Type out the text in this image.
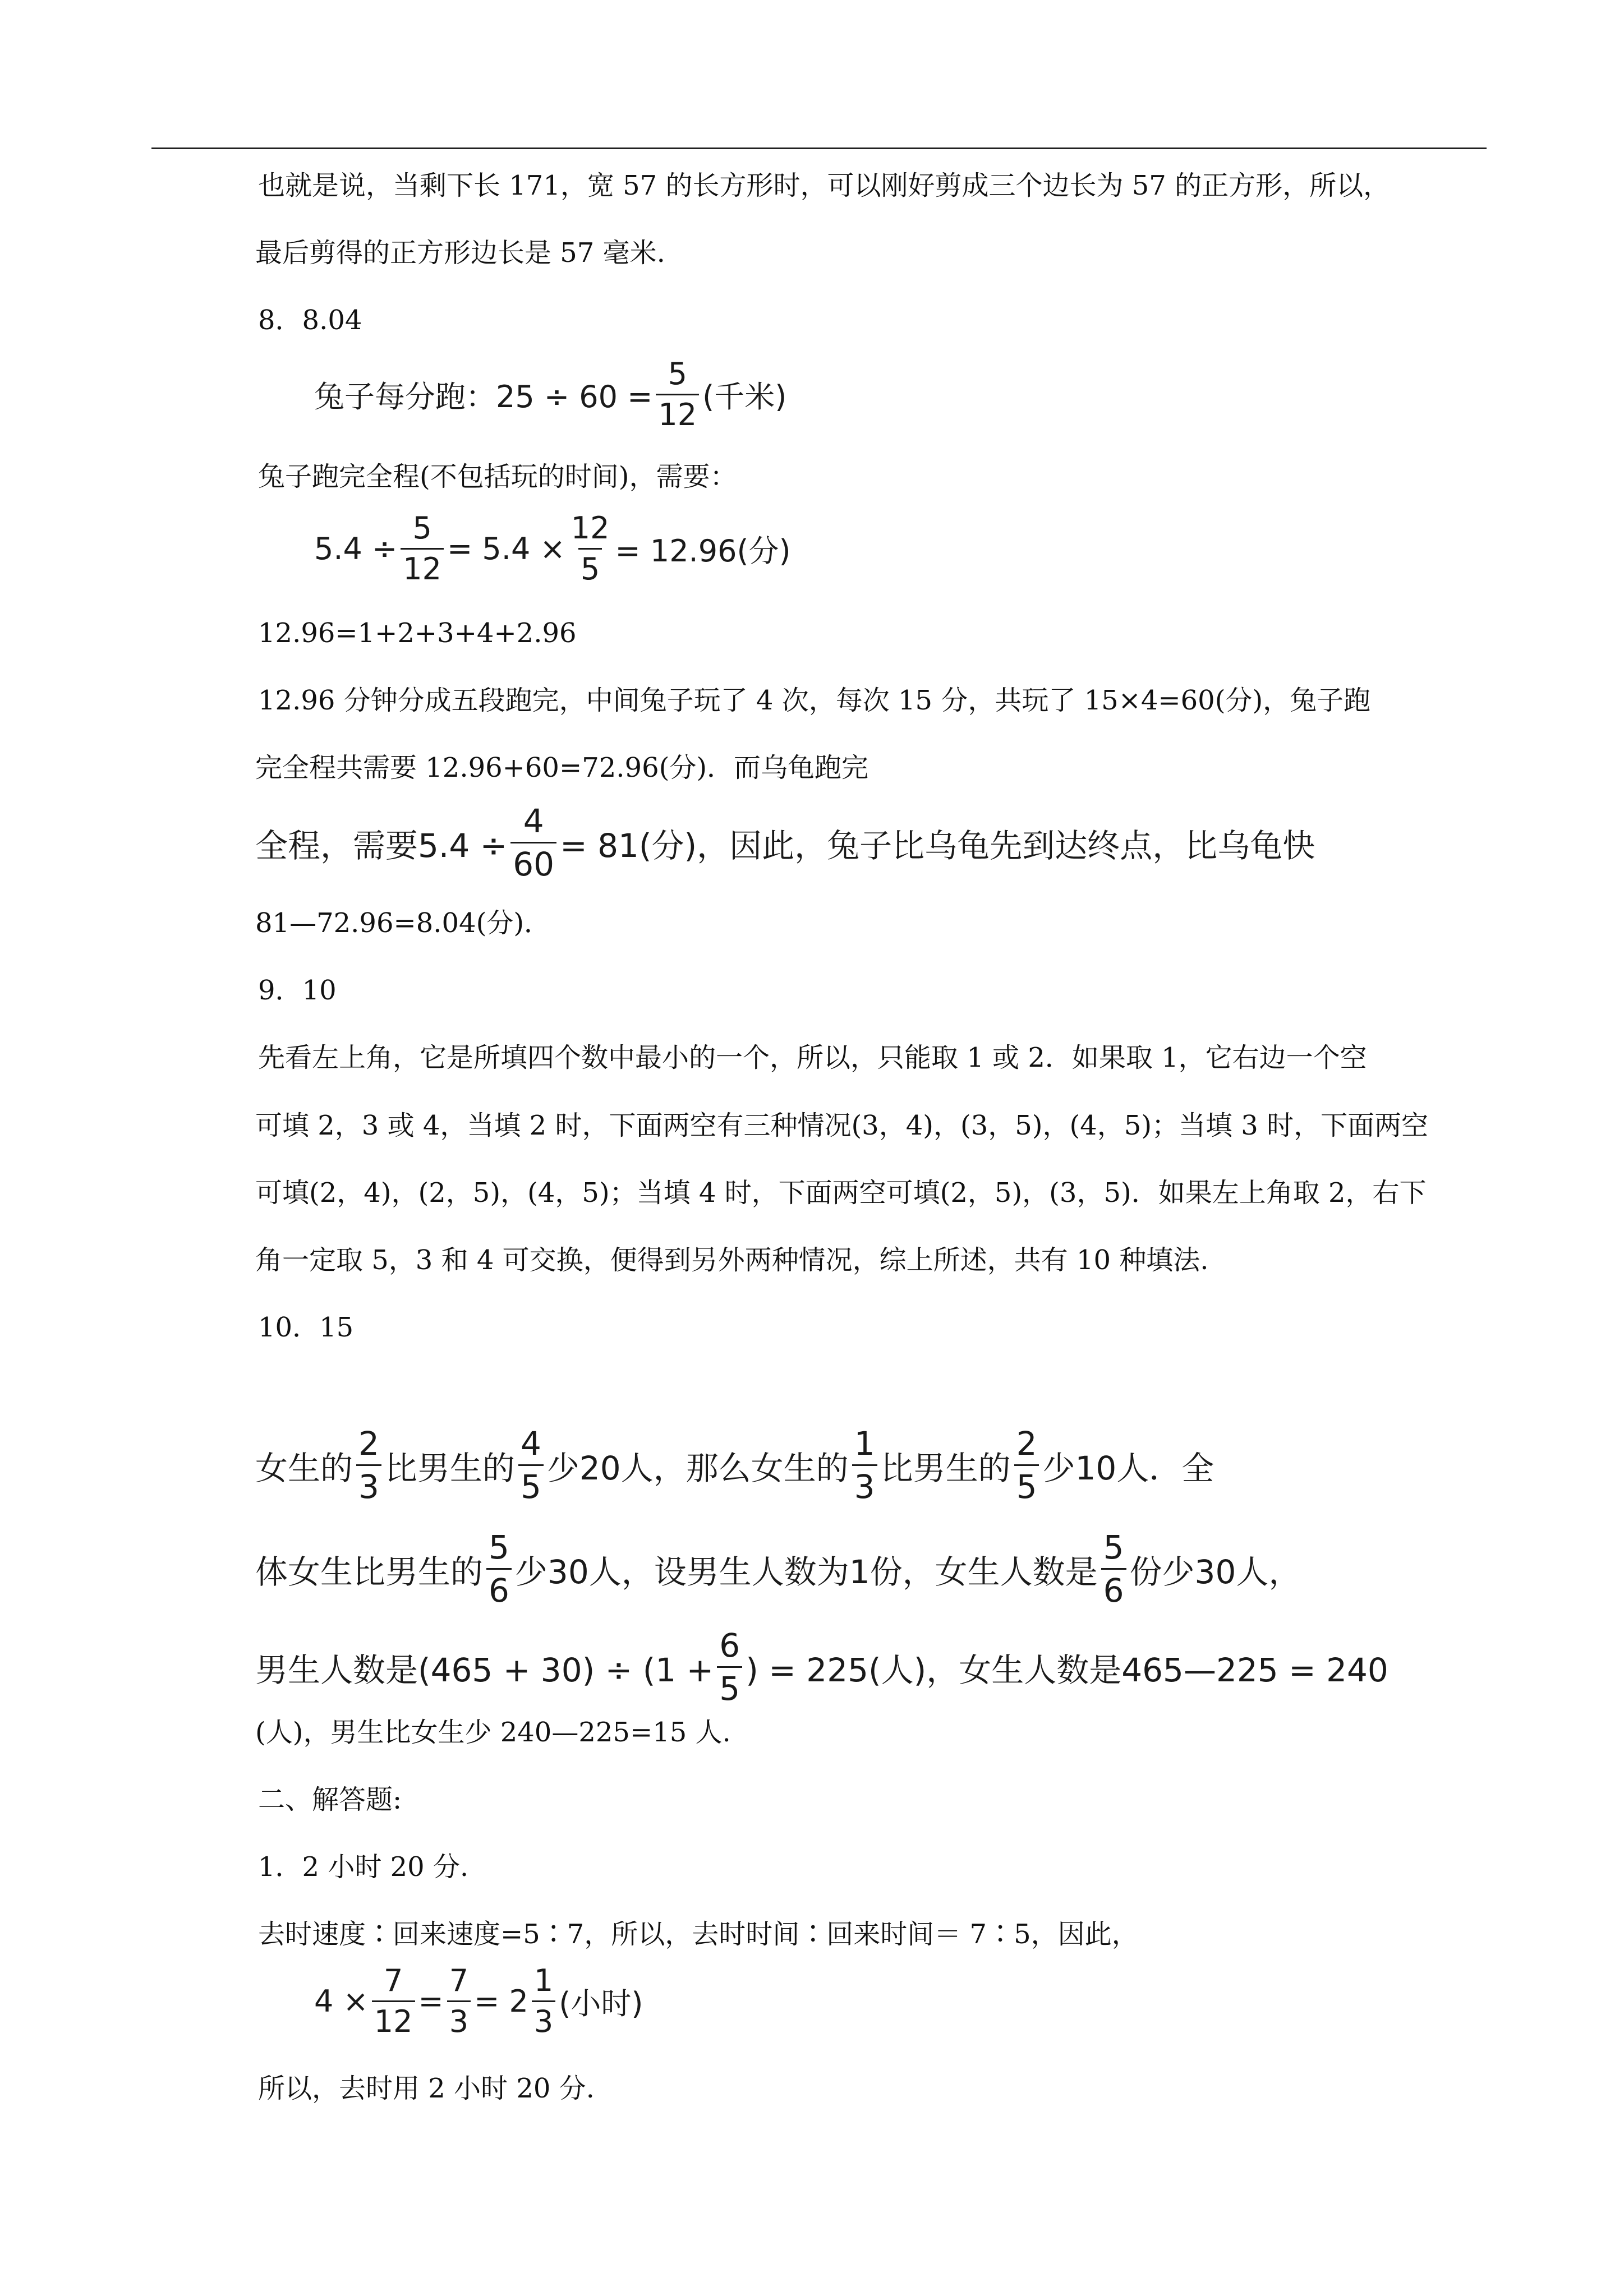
也就是说，当剩下长 171，宽 57 的长方形时，可以刚好剪成三个边长为 57 的正方形，所以，
最后剪得的正方形边长是 57 毫米.
8．8.04
兔子每分跑：$25 \div 60 = \frac{5}{12}$ (千米)
兔子跑完全程(不包括玩的时间)，需要：
$5.4 \div \frac{5}{12} = 5.4 \times \frac{12}{5} = 12.96$(分)
12.96=1+2+3+4+2.96
12.96 分钟分成五段跑完，中间兔子玩了 4 次，每次 15 分，共玩了 15×4=60(分)，兔子跑
完全程共需要 12.96+60=72.96(分)．而乌龟跑完
全程，需要$5.4 \div \frac{4}{60} = 81$(分)，因此，兔子比乌龟先到达终点，比乌龟快
81—72.96=8.04(分)．
9．10
先看左上角，它是所填四个数中最小的一个，所以，只能取 1 或 2．如果取 1，它右边一个空
可填 2，3 或 4，当填 2 时，下面两空有三种情况(3，4)，(3，5)，(4，5)；当填 3 时，下面两空
可填(2，4)，(2，5)，(4，5)；当填 4 时，下面两空可填(2，5)，(3，5)．如果左上角取 2，右下
角一定取 5，3 和 4 可交换，便得到另外两种情况，综上所述，共有 10 种填法.
10．15
女生的 $\frac{2}{3}$ 比男生的 $\frac{4}{5}$ 少20人，那么女生的 $\frac{1}{3}$ 比男生的 $\frac{2}{5}$ 少10人．全
体女生比男生的 $\frac{5}{6}$ 少30人，设男生人数为1份，女生人数是 $\frac{5}{6}$ 份少30人，
男生人数是$(465 + 30) \div (1 + \frac{6}{5}$ ) = 225(人)，女生人数是465—225 = 240
(人)，男生比女生少 240—225=15 人.
二、解答题:
1．2 小时 20 分.
去时速度∶回来速度=5∶7，所以，去时时间∶回来时间＝ 7∶5，因此，
$4 \times \frac{7}{12} = \frac{7}{3} = 2 \frac{1}{3}$ (小时)
所以，去时用 2 小时 20 分.
